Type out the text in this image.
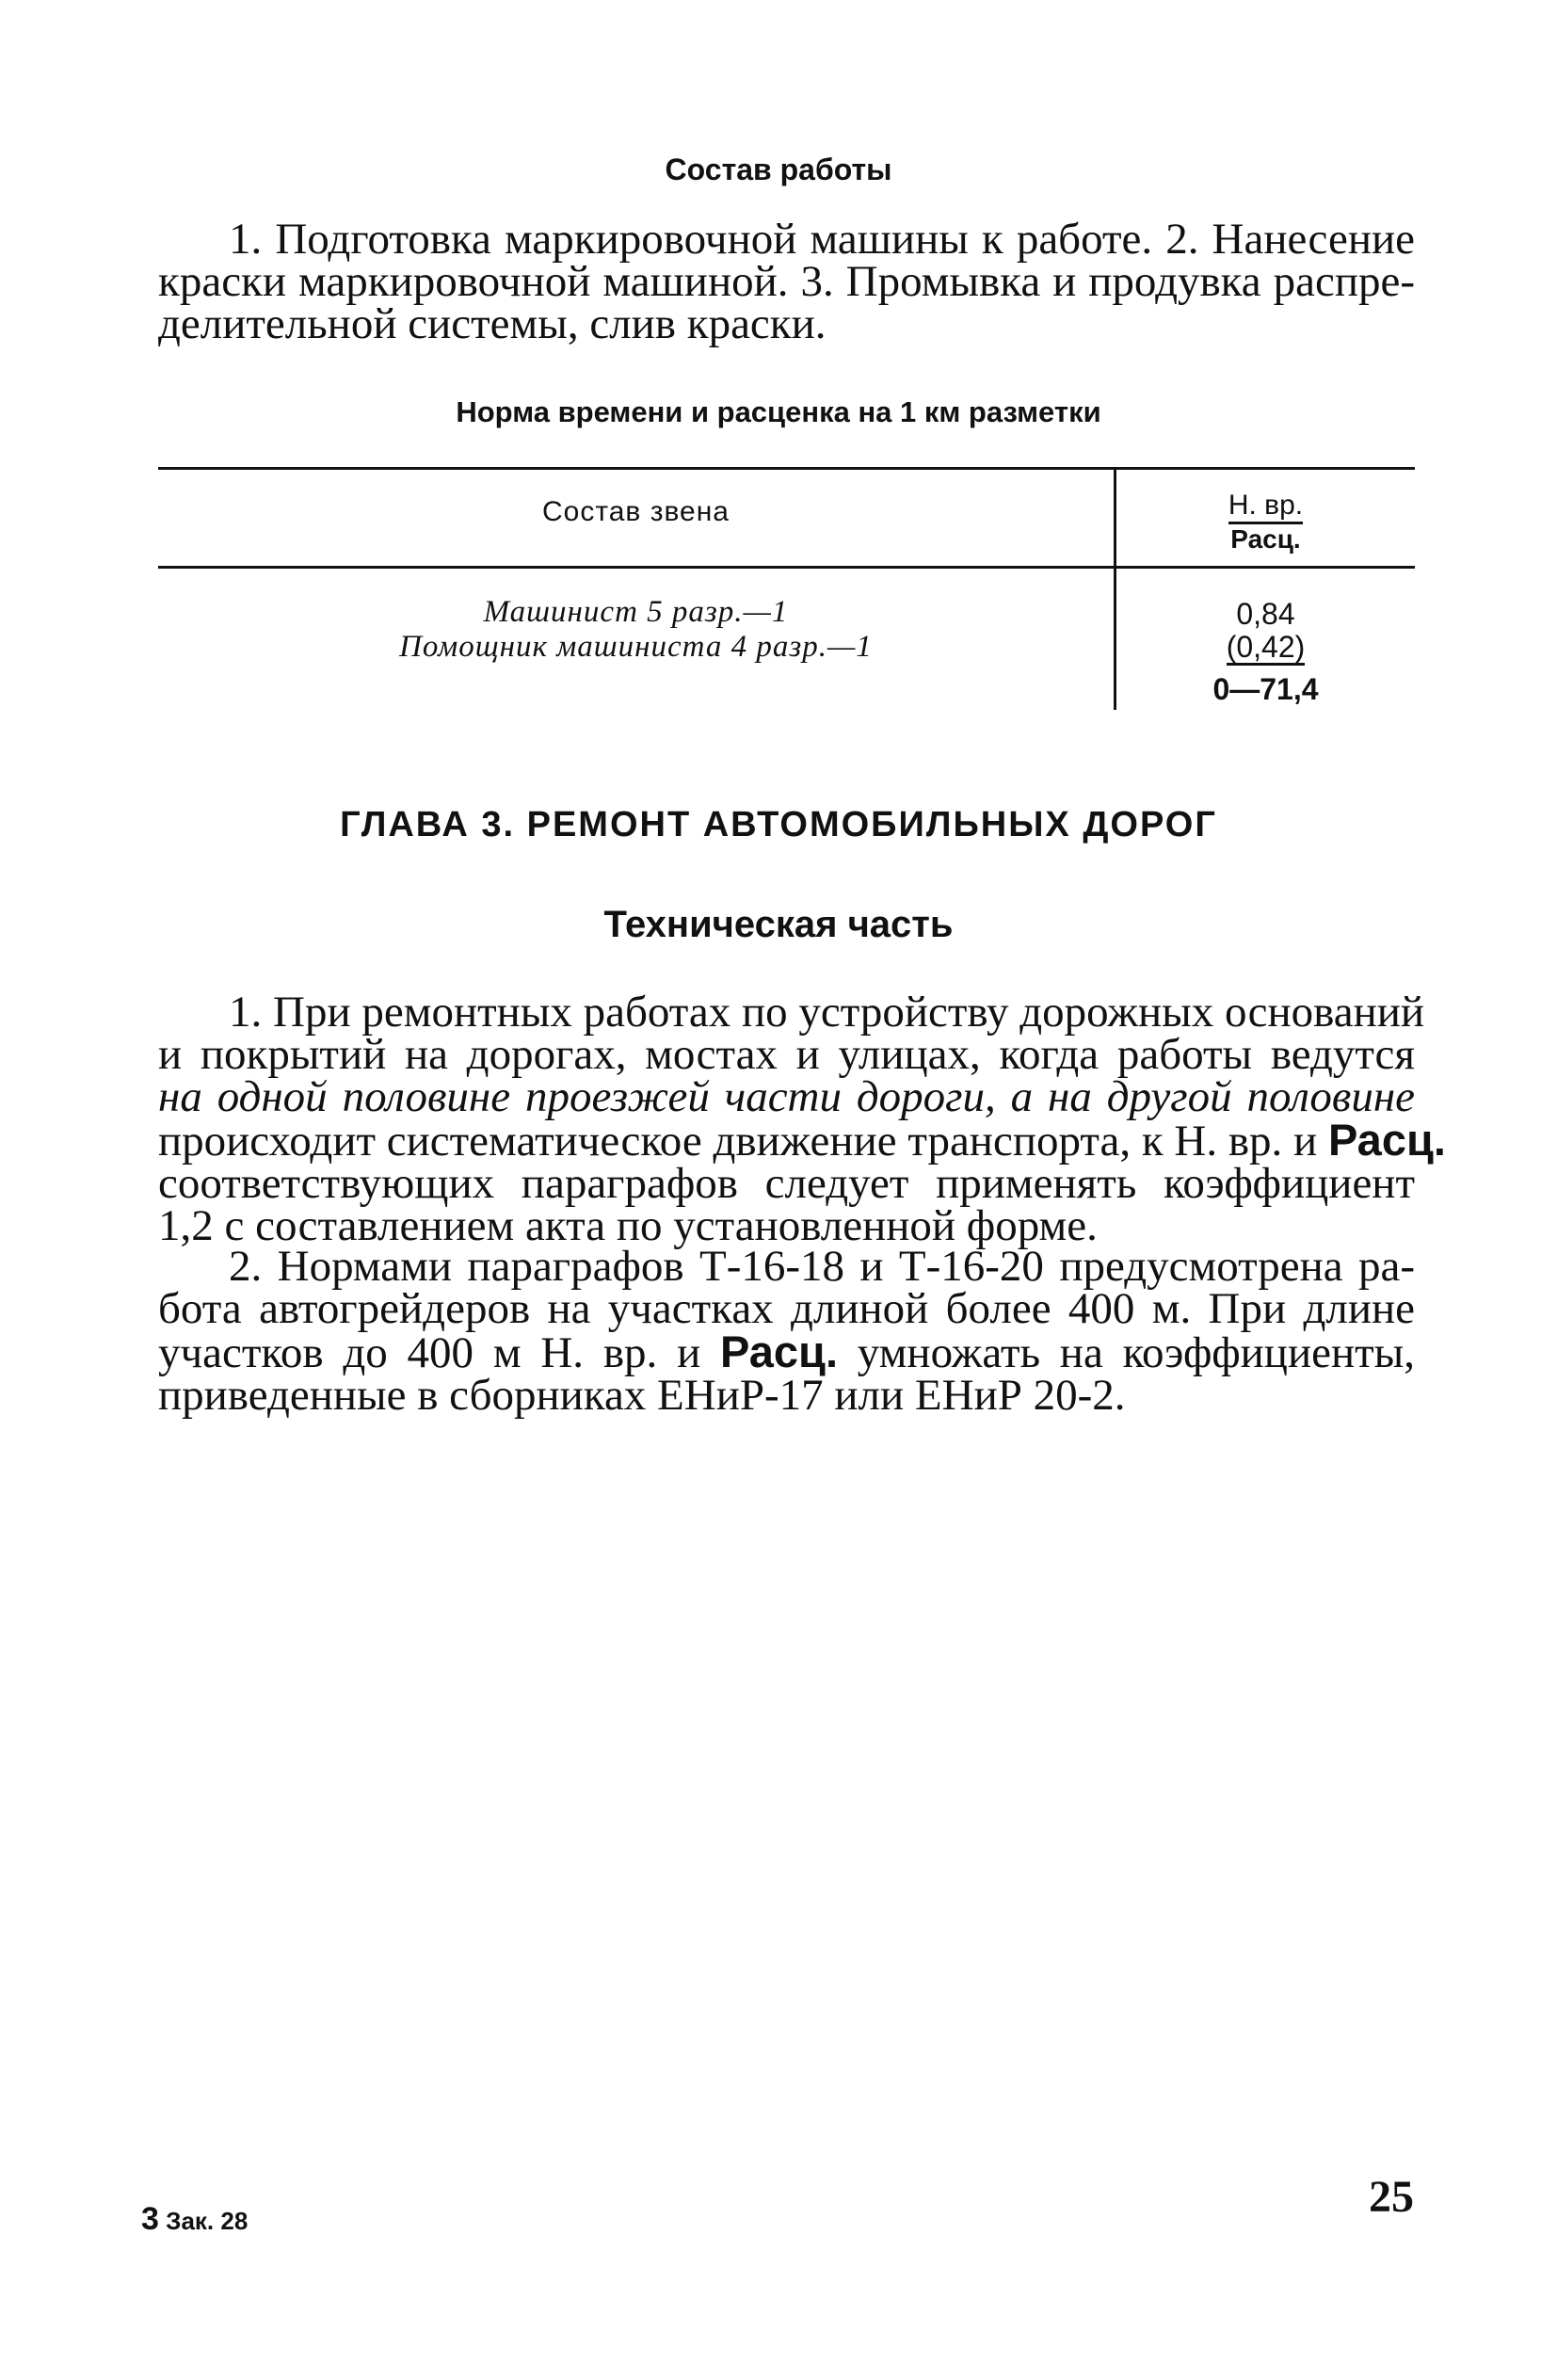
Состав работы
1. Подготовка маркировочной машины к работе. 2. Нанесение
краски маркировочной машиной. 3. Промывка и продувка распре-
делительной системы, слив краски.
Норма времени и расценка на 1 км разметки
Состав звена	Н. вр.
Расц.
Машинист 5 разр.—1
Помощник машиниста 4 разр.—1
0,84
(0,42)
0—71,4
ГЛАВА 3. РЕМОНТ АВТОМОБИЛЬНЫХ ДОРОГ
Техническая часть
1. При ремонтных работах по устройству дорожных оснований
и покрытий на дорогах, мостах и улицах, когда работы ведутся
на одной половине проезжей части дороги, а на другой половине
происходит систематическое движение транспорта, к Н. вр. и Расц.
соответствующих параграфов следует применять коэффициент
1,2 с составлением акта по установленной форме.
2. Нормами параграфов Т-16-18 и Т-16-20 предусмотрена ра-
бота автогрейдеров на участках длиной более 400 м. При длине
участков до 400 м Н. вр. и Расц. умножать на коэффициенты,
приведенные в сборниках ЕНиР-17 или ЕНиР 20-2.
3 Зак. 28	25
